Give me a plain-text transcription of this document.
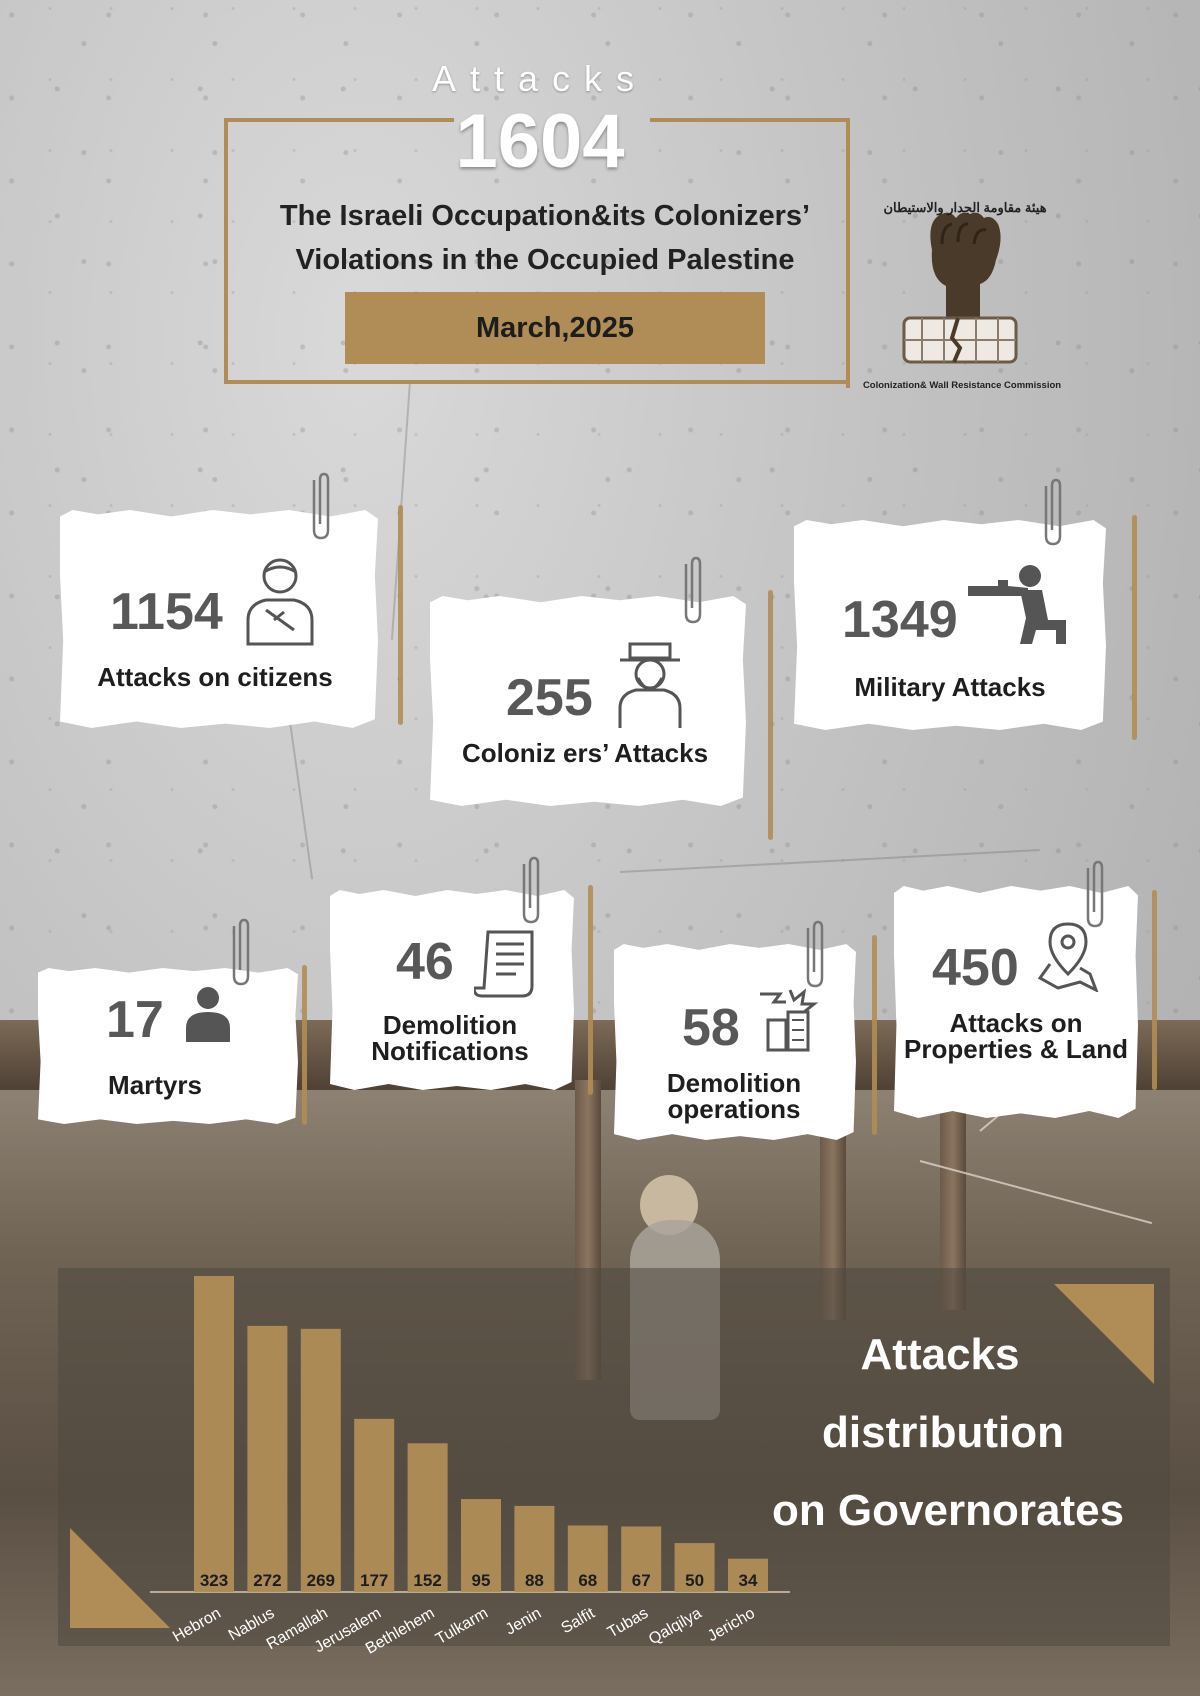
Attacks
1604
The Israeli Occupation&its Colonizers’
Violations in the Occupied Palestine
March,2025
هيئة مقاومة الجدار والاستيطان
Colonization& Wall Resistance Commission
1154
Attacks on citizens	255
Coloniz ers’ Attacks
1349
Military Attacks
17
Martyrs
46
Demolition
Notifications	58
Demolition
operations
450
Attacks on
Properties & Land
323
Hebron
272
Nablus
269
Ramallah
177
Jerusalem
152
Bethlehem
95
Tulkarm
88
Jenin
68
Salfit
67
Tubas
50
Qalqilya
34
Jericho
Attacks
distribution
on Governorates
